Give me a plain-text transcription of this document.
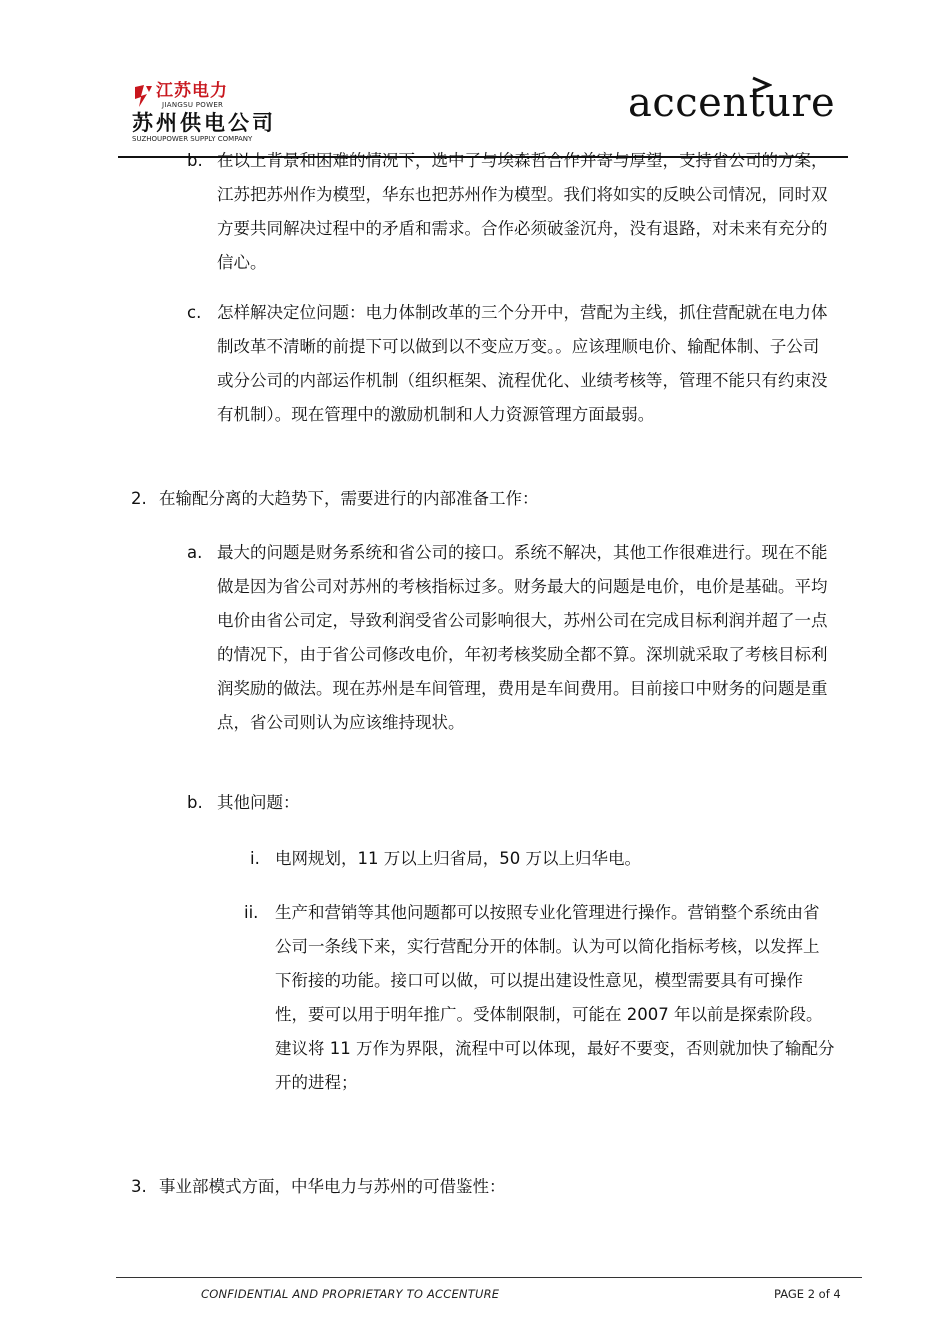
江苏电力
JIANGSU POWER
苏州供电公司
SUZHOUPOWER SUPPLY COMPANY
accenture
b. 在以上背景和困难的情况下，选中了与埃森哲合作并寄与厚望，支持省公司的方案，江苏把苏州作为模型，华东也把苏州作为模型。我们将如实的反映公司情况，同时双方要共同解决过程中的矛盾和需求。合作必须破釜沉舟，没有退路，对未来有充分的信心。
c. 怎样解决定位问题：电力体制改革的三个分开中，营配为主线，抓住营配就在电力体制改革不清晰的前提下可以做到以不变应万变。。应该理顺电价、输配体制、子公司或分公司的内部运作机制（组织框架、流程优化、业绩考核等，管理不能只有约束没有机制）。现在管理中的激励机制和人力资源管理方面最弱。
2. 在输配分离的大趋势下，需要进行的内部准备工作：
a. 最大的问题是财务系统和省公司的接口。系统不解决，其他工作很难进行。现在不能做是因为省公司对苏州的考核指标过多。财务最大的问题是电价，电价是基础。平均电价由省公司定，导致利润受省公司影响很大，苏州公司在完成目标利润并超了一点的情况下，由于省公司修改电价，年初考核奖励全都不算。深圳就采取了考核目标利润奖励的做法。现在苏州是车间管理，费用是车间费用。目前接口中财务的问题是重点，省公司则认为应该维持现状。
b. 其他问题：
i. 电网规划，11 万以上归省局，50 万以上归华电。
ii. 生产和营销等其他问题都可以按照专业化管理进行操作。营销整个系统由省公司一条线下来，实行营配分开的体制。认为可以简化指标考核，以发挥上下衔接的功能。接口可以做，可以提出建设性意见，模型需要具有可操作性，要可以用于明年推广。受体制限制，可能在 2007 年以前是探索阶段。建议将 11 万作为界限，流程中可以体现，最好不要变，否则就加快了输配分开的进程；
3. 事业部模式方面，中华电力与苏州的可借鉴性：
CONFIDENTIAL AND PROPRIETARY TO ACCENTURE	PAGE 2 of 4
